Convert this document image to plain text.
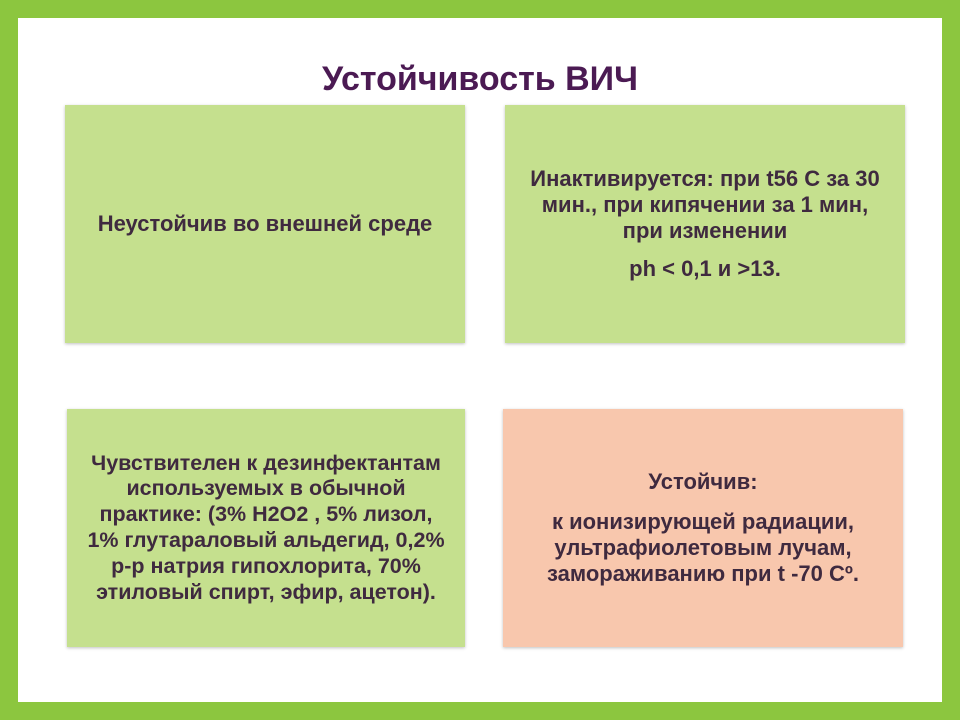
Устойчивость ВИЧ

Неустойчив во внешней среде

Инактивируется: при t56 С за 30 мин., при кипячении за 1 мин, при изменении

ph < 0,1 и >13.

Чувствителен к дезинфектантам используемых в обычной практике: (3% Н2О2 , 5% лизол, 1% глутараловый альдегид, 0,2% р-р натрия гипохлорита, 70% этиловый спирт, эфир, ацетон).

Устойчив:

к ионизирующей радиации, ультрафиолетовым лучам, замораживанию при t -70 Сº.
